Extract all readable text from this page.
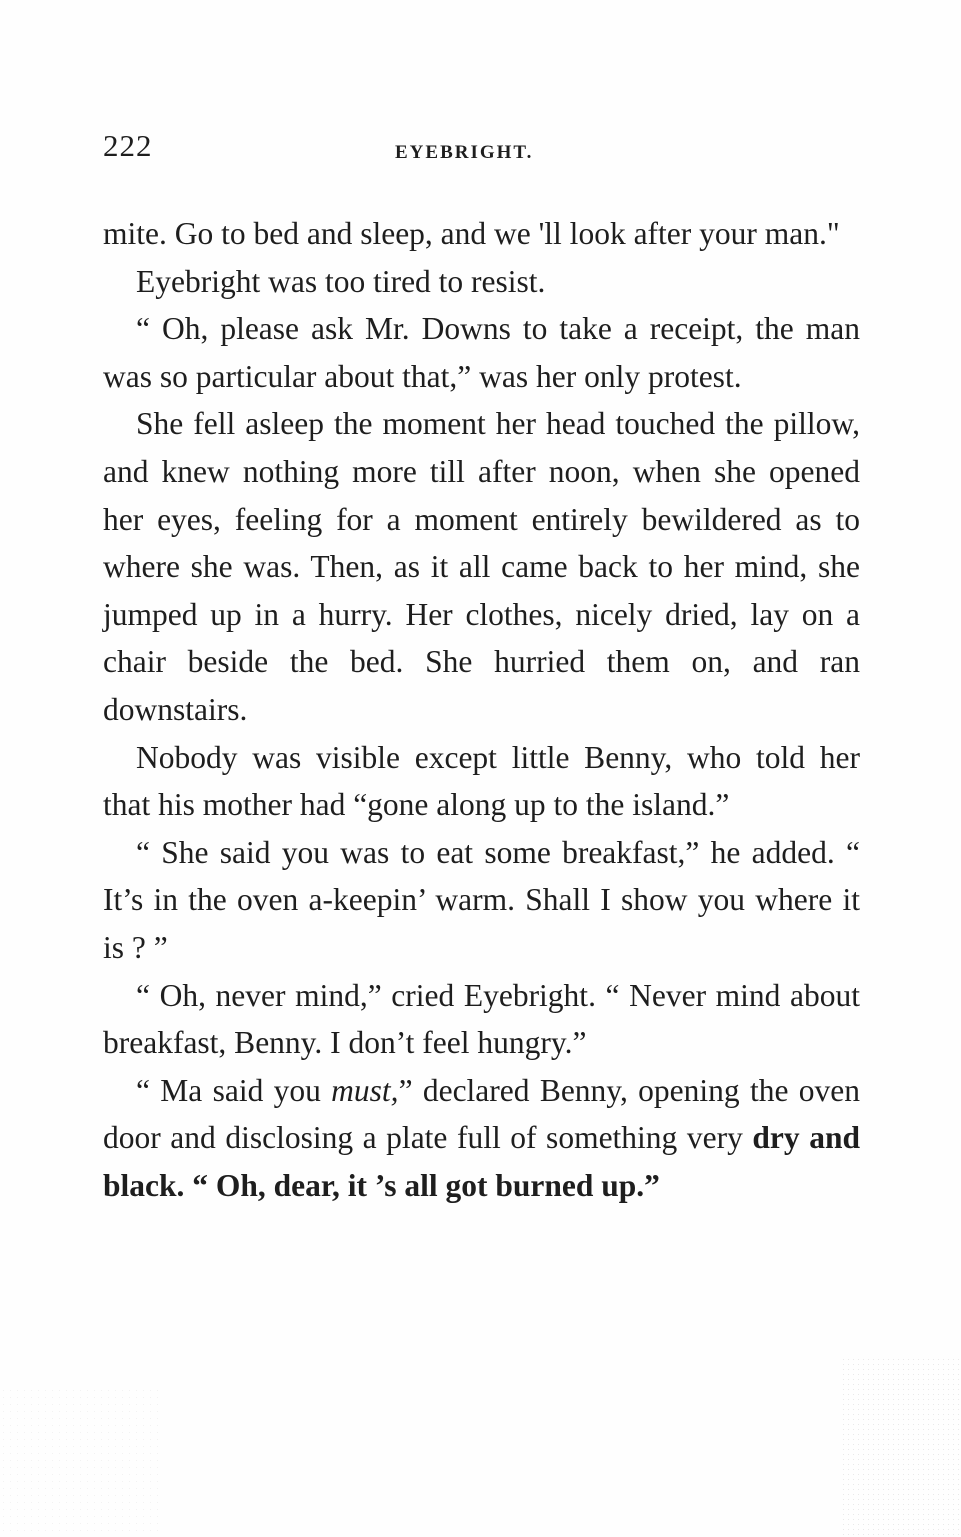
222	EYEBRIGHT.

mite. Go to bed and sleep, and we 'll look after your man."

Eyebright was too tired to resist.

“ Oh, please ask Mr. Downs to take a receipt, the man was so particular about that,” was her only protest.

She fell asleep the moment her head touched the pillow, and knew nothing more till after noon, when she opened her eyes, feeling for a moment entirely bewildered as to where she was. Then, as it all came back to her mind, she jumped up in a hurry. Her clothes, nicely dried, lay on a chair beside the bed. She hurried them on, and ran downstairs.

Nobody was visible except little Benny, who told her that his mother had “gone along up to the island.”

“ She said you was to eat some breakfast,” he added. “ It’s in the oven a-keepin’ warm. Shall I show you where it is ? ”

“ Oh, never mind,” cried Eyebright. “ Never mind about breakfast, Benny. I don’t feel hungry.”

“ Ma said you must,” declared Benny, opening the oven door and disclosing a plate full of something very dry and black. “ Oh, dear, it ’s all got burned up.”
